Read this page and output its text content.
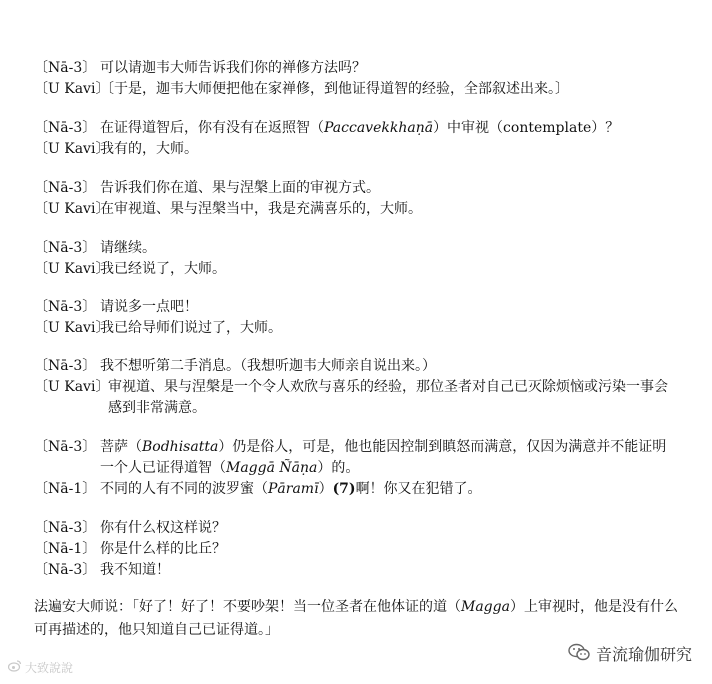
〔Nā-3〕 可以请迦韦大师告诉我们你的禅修方法吗？
〔U Kavi〕
〔于是，迦韦大师便把他在家禅修，到他证得道智的经验，全部叙述出来。〕
〔Nā-3〕 在证得道智后，你有没有在返照智（Paccavekkhaṇā）中审视（contemplate）？
〔U Kavi〕
我有的，大师。
〔Nā-3〕 告诉我们你在道、果与涅槃上面的审视方式。
〔U Kavi〕
在审视道、果与涅槃当中，我是充满喜乐的，大师。
〔Nā-3〕 请继续。
〔U Kavi〕
我已经说了，大师。
〔Nā-3〕 请说多一点吧！
〔U Kavi〕
我已给导师们说过了，大师。
〔Nā-3〕 我不想听第二手消息。（我想听迦韦大师亲自说出来。）
〔U Kavi〕
审视道、果与涅槃是一个令人欢欣与喜乐的经验，那位圣者对自己已灭除烦恼或污染一事会感到非常满意。
〔Nā-3〕 菩萨（Bodhisatta）仍是俗人，可是，他也能因控制到瞋怒而满意，仅因为满意并不能证明一个人已证得道智（Maggā Ñāṇa）的。
〔Nā-1〕 不同的人有不同的波罗蜜（Pāramī）(7)啊！你又在犯错了。
〔Nā-3〕 你有什么权这样说？
〔Nā-1〕 你是什么样的比丘？
〔Nā-3〕 我不知道！
法遍安大师说：「好了！好了！不要吵架！当一位圣者在他体证的道（Magga）上审视时，他是没有什么可再描述的，他只知道自己已证得道。」
大致說說
音流瑜伽研究
